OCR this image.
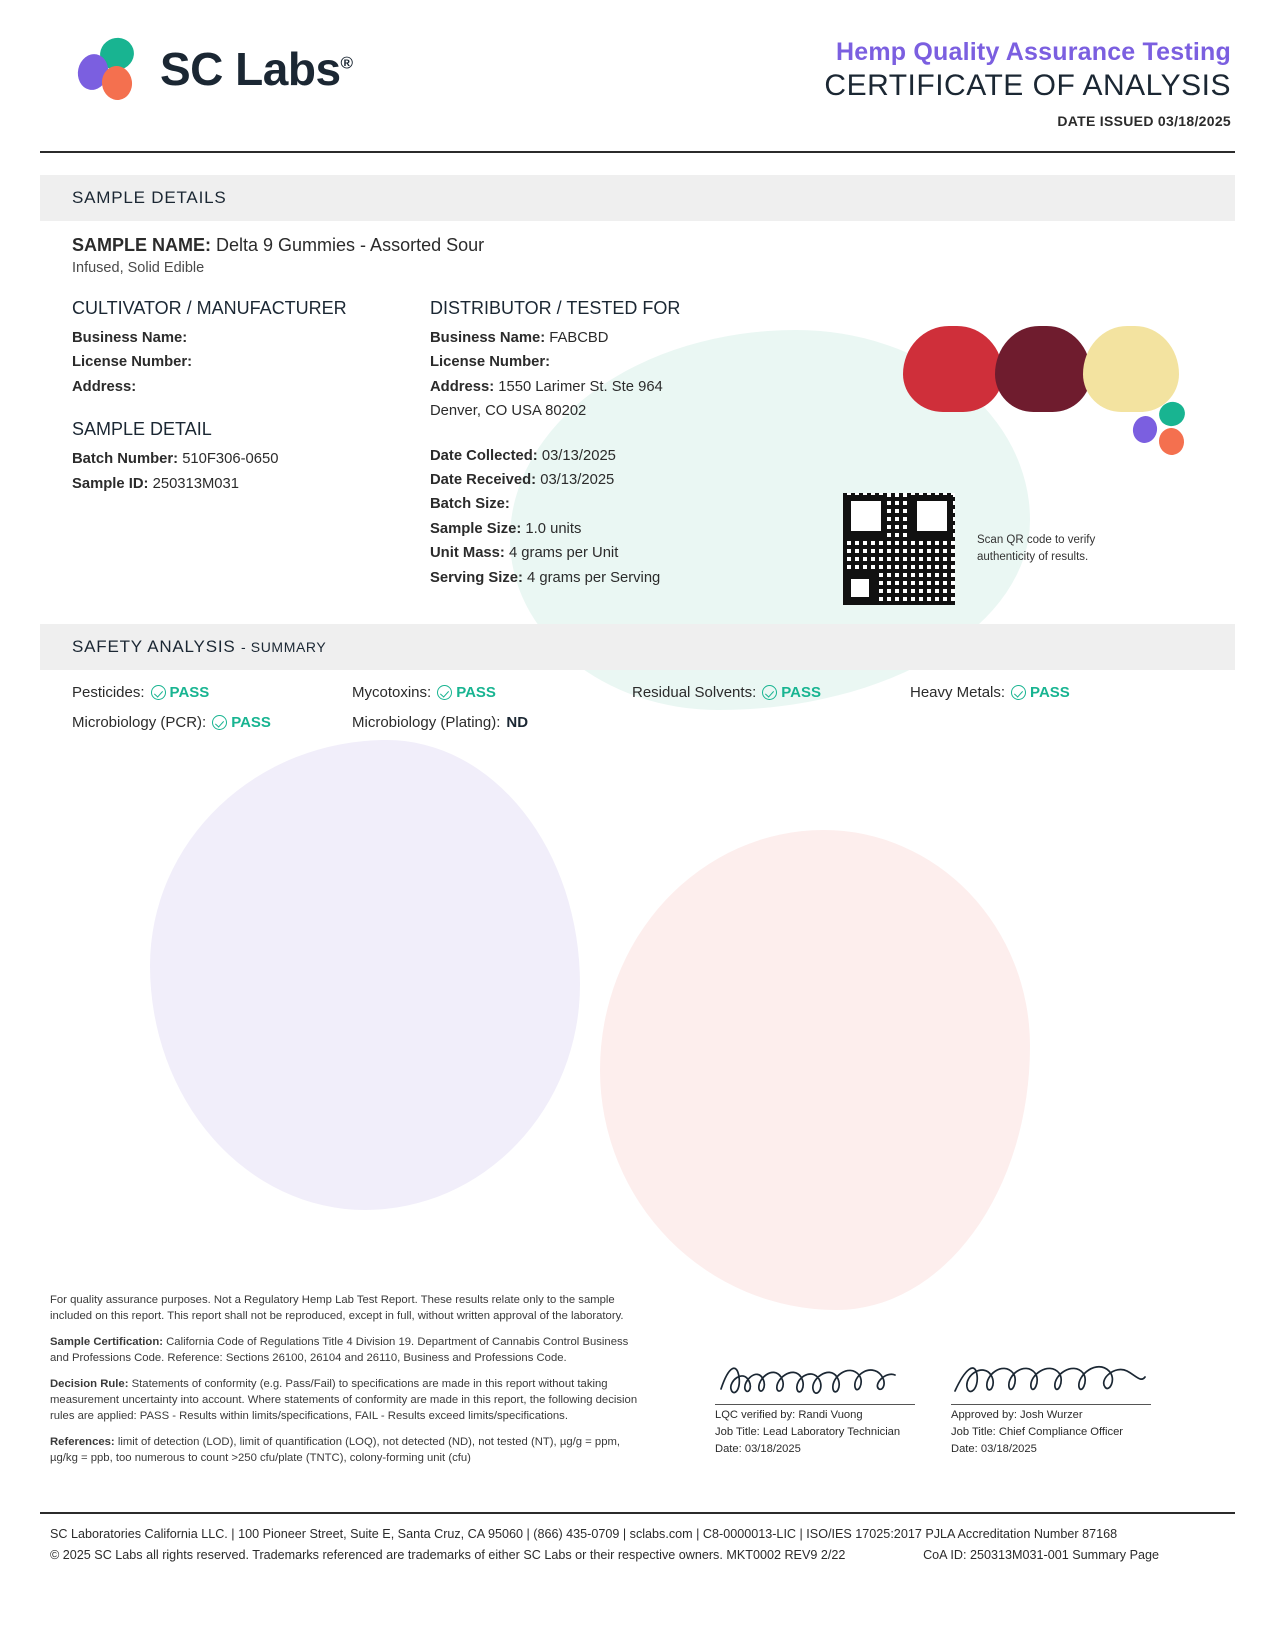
SC Labs®	Hemp Quality Assurance Testing
CERTIFICATE OF ANALYSIS
DATE ISSUED 03/18/2025
SAMPLE DETAILS
SAMPLE NAME: Delta 9 Gummies - Assorted Sour
Infused, Solid Edible
CULTIVATOR / MANUFACTURER
Business Name:
License Number:
Address:
SAMPLE DETAIL
Batch Number: 510F306-0650
Sample ID: 250313M031
DISTRIBUTOR / TESTED FOR
Business Name: FABCBD
License Number:
Address: 1550 Larimer St. Ste 964
Denver, CO USA 80202
Date Collected: 03/13/2025
Date Received: 03/13/2025
Batch Size:
Sample Size: 1.0 units
Unit Mass: 4 grams per Unit
Serving Size: 4 grams per Serving
Scan QR code to verify
authenticity of results.
SAFETY ANALYSIS
- SUMMARY
Pesticides: PASS	Mycotoxins: PASS	Residual Solvents: PASS	Heavy Metals: PASS
Microbiology (PCR): PASS	Microbiology (Plating): ND

For quality assurance purposes. Not a Regulatory Hemp Lab Test Report. These results relate only to the sample included on this report. This report shall not be reproduced, except in full, without written approval of the laboratory.

Sample Certification: California Code of Regulations Title 4 Division 19. Department of Cannabis Control Business and Professions Code. Reference: Sections 26100, 26104 and 26110, Business and Professions Code.

Decision Rule: Statements of conformity (e.g. Pass/Fail) to specifications are made in this report without taking measurement uncertainty into account. Where statements of conformity are made in this report, the following decision rules are applied: PASS - Results within limits/specifications, FAIL - Results exceed limits/specifications.

References: limit of detection (LOD), limit of quantification (LOQ), not detected (ND), not tested (NT), µg/g = ppm, µg/kg = ppb, too numerous to count >250 cfu/plate (TNTC), colony-forming unit (cfu)

LQC verified by: Randi Vuong
Job Title: Lead Laboratory Technician
Date: 03/18/2025
Approved by: Josh Wurzer
Job Title: Chief Compliance Officer
Date: 03/18/2025
SC Laboratories California LLC. | 100 Pioneer Street, Suite E, Santa Cruz, CA 95060 | (866) 435-0709 | sclabs.com | C8-0000013-LIC | ISO/IES 17025:2017 PJLA Accreditation Number 87168
© 2025 SC Labs all rights reserved. Trademarks referenced are trademarks of either SC Labs or their respective owners. MKT0002 REV9 2/22	CoA ID: 250313M031-001 Summary Page
